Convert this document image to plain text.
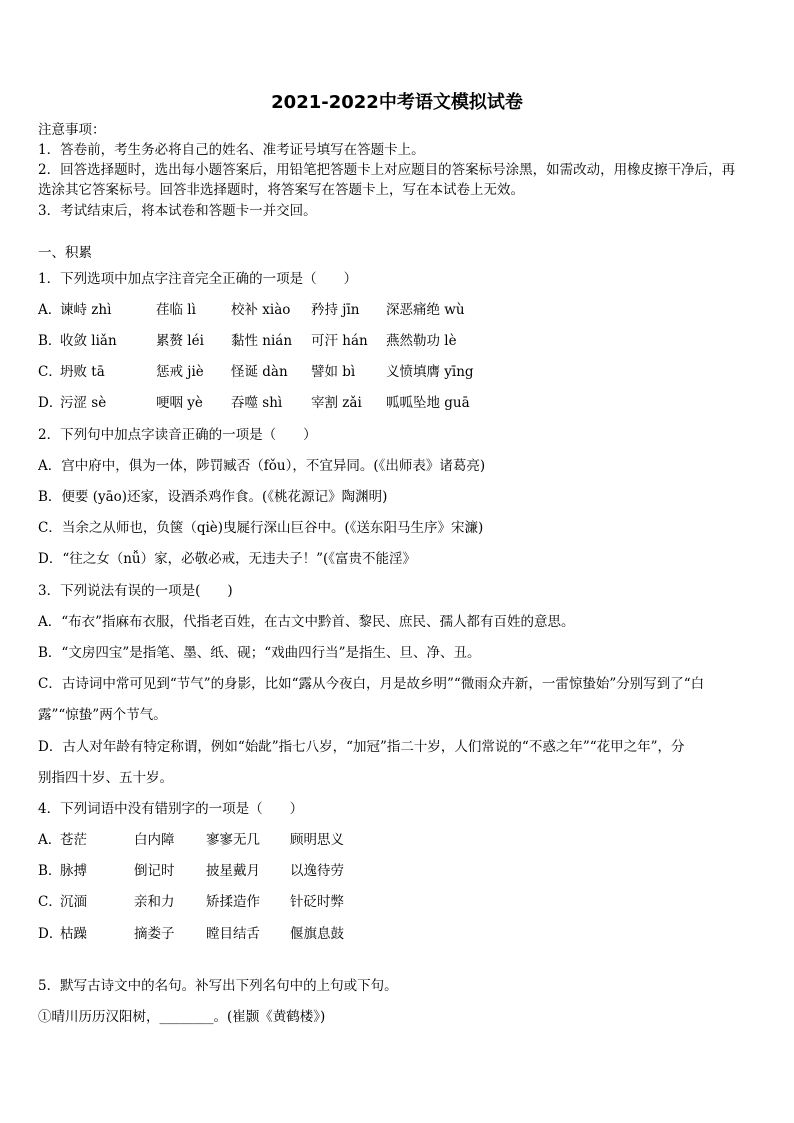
2021-2022中考语文模拟试卷
注意事项：
1．答卷前，考生务必将自己的姓名、准考证号填写在答题卡上。
2．回答选择题时，选出每小题答案后，用铅笔把答题卡上对应题目的答案标号涂黑，如需改动，用橡皮擦干净后，再
选涂其它答案标号。回答非选择题时，将答案写在答题卡上，写在本试卷上无效。
3．考试结束后，将本试卷和答题卡一并交回。
一、积累
1．下列选项中加点字注音完全正确的一项是（　　）
A．谏峙 zhì	荏临 lì	校补 xiào 矜持 jīn 深恶痛绝 wù
B．收敛 liǎn	累赘 léi 黏性 nián 可汗 hán 燕然勒功 lè
C．坍败 tā	惩戒 jiè 怪诞 dàn 譬如 bì 义愤填膺 yīng
D．污涩 sè	哽咽 yè 吞噬 shì 宰割 zǎi 呱呱坠地 guā
2．下列句中加点字读音正确的一项是（　　）
A．宫中府中，俱为一体，陟罚臧否（fǒu），不宜异同。(《出师表》诸葛亮)
B．便要 (yāo)还家，设酒杀鸡作食。(《桃花源记》陶渊明)
C．当余之从师也，负箧（qiè)曳屣行深山巨谷中。(《送东阳马生序》宋濂)
D．“往之女（nǚ）家，必敬必戒，无违夫子！”(《富贵不能淫》
3．下列说法有误的一项是(　　)
A．“布衣”指麻布衣服，代指老百姓，在古文中黔首、黎民、庶民、孺人都有百姓的意思。
B．“文房四宝”是指笔、墨、纸、砚；“戏曲四行当”是指生、旦、净、丑。
C．古诗词中常可见到“节气”的身影，比如“露从今夜白，月是故乡明”“微雨众卉新，一雷惊蛰始”分别写到了“白
露”“惊蛰”两个节气。
D．古人对年龄有特定称谓，例如“始龀”指七八岁，“加冠”指二十岁，人们常说的“不惑之年”“花甲之年”，分
别指四十岁、五十岁。
4．下列词语中没有错别字的一项是（　　）
A．苍茫	白内障 寥寥无几 顾明思义
B．脉搏	倒记时 披星戴月 以逸待劳
C．沉湎	亲和力 矫揉造作 针砭时弊
D．枯躁	摘娄子 瞠目结舌 偃旗息鼓
5．默写古诗文中的名句。补写出下列名句中的上句或下句。
①晴川历历汉阳树，________。(崔颢《黄鹤楼》)
